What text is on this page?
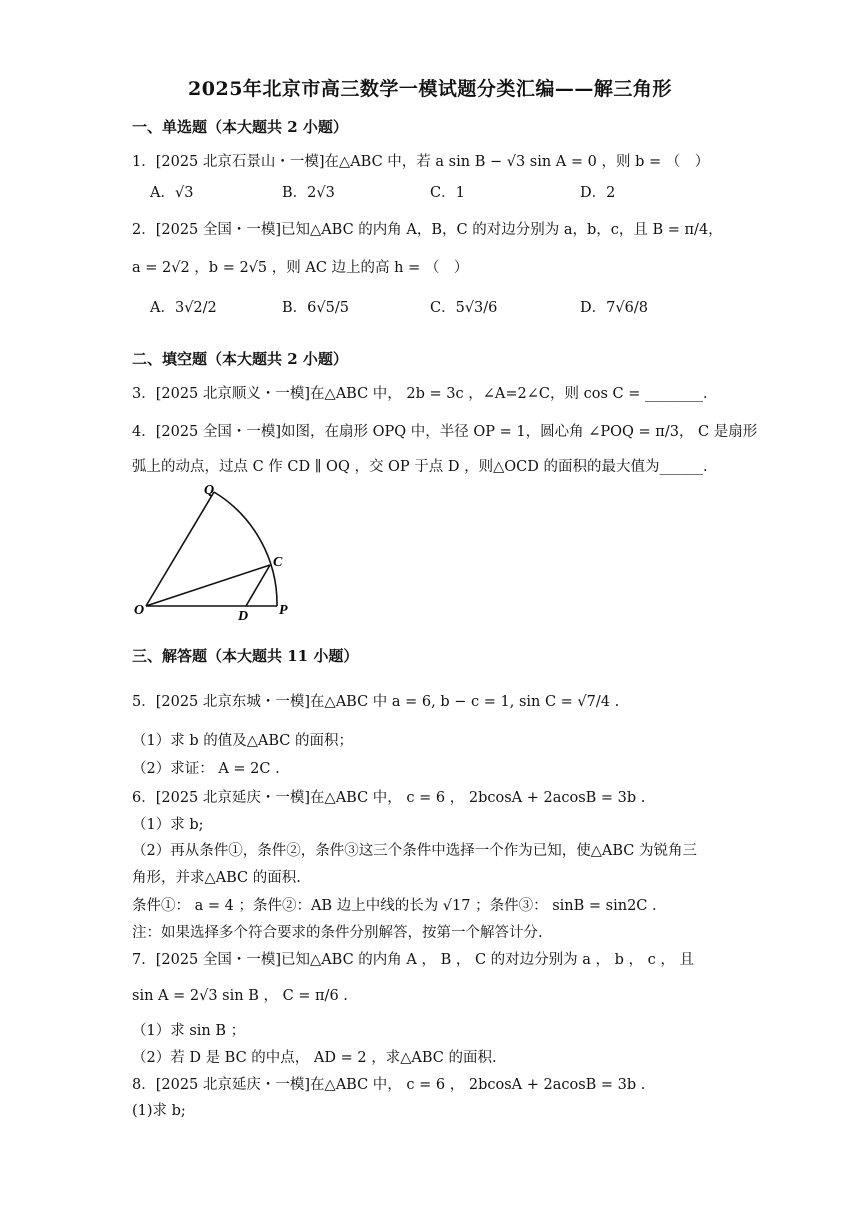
2025年北京市高三数学一模试题分类汇编——解三角形
一、单选题（本大题共 2 小题）
1．[2025 北京石景山・一模]在△ABC 中，若 a sin B − √3 sin A = 0 ，则 b = （　）
A．√3	B．2√3	C．1	D．2
2．[2025 全国・一模]已知△ABC 的内角 A，B，C 的对边分别为 a，b，c，且 B = π/4，
a = 2√2 ，b = 2√5 ，则 AC 边上的高 h = （　）
A．3√2/2	B．6√5/5	C．5√3/6	D．7√6/8
二、填空题（本大题共 2 小题）
3．[2025 北京顺义・一模]在△ABC 中， 2b = 3c ，∠A=2∠C，则 cos C = ________.
4．[2025 全国・一模]如图，在扇形 OPQ 中，半径 OP = 1，圆心角 ∠POQ = π/3， C 是扇形
弧上的动点，过点 C 作 CD ∥ OQ ，交 OP 于点 D ，则△OCD 的面积的最大值为______.
Q
C
O	D P
三、解答题（本大题共 11 小题）
5．[2025 北京东城・一模]在△ABC 中 a = 6, b − c = 1, sin C = √7/4 .
（1）求 b 的值及△ABC 的面积；
（2）求证： A = 2C .
6．[2025 北京延庆・一模]在△ABC 中， c = 6 ， 2bcosA + 2acosB = 3b .
（1）求 b;
（2）再从条件①，条件②，条件③这三个条件中选择一个作为已知，使△ABC 为锐角三
角形，并求△ABC 的面积.
条件①： a = 4 ；条件②：AB 边上中线的长为 √17 ；条件③： sinB = sin2C .
注：如果选择多个符合要求的条件分别解答，按第一个解答计分.
7．[2025 全国・一模]已知△ABC 的内角 A ， B ， C 的对边分别为 a ， b ， c ， 且
sin A = 2√3 sin B ， C = π/6 .
（1）求 sin B ；
（2）若 D 是 BC 的中点， AD = 2 ，求△ABC 的面积.
8．[2025 北京延庆・一模]在△ABC 中， c = 6 ， 2bcosA + 2acosB = 3b .
(1)求 b;
